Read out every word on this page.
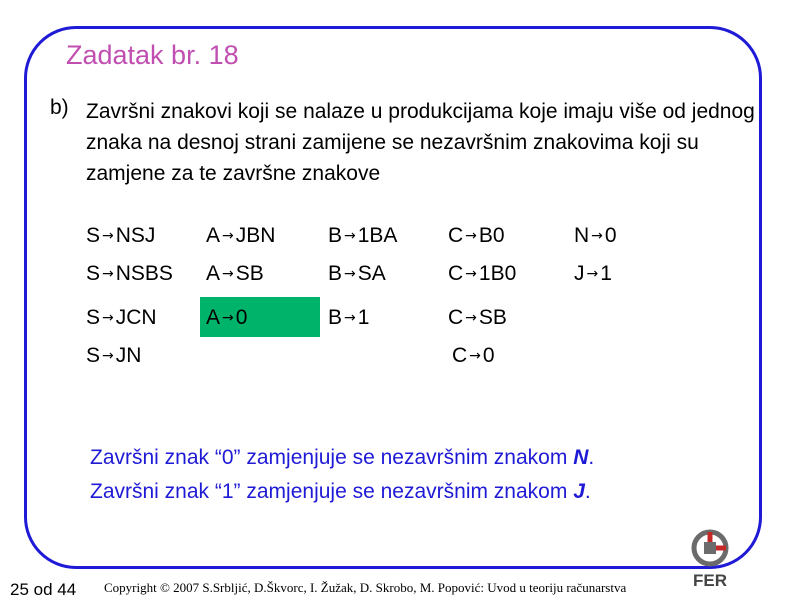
Zadatak br. 18
b) Završni znakovi koji se nalaze u produkcijama koje imaju više od jednog znaka na desnoj strani zamijene se nezavršnim znakovima koji su zamjene za te završne znakove
S →NSJ
S →NSBS
S →JCN
S →JN
A →JBN
A →SB
A →0
B →1BA
B →SA
B →1
C →B0
C →1B0
C →SB
C →0
N →0
J →1
Završni znak “0” zamjenjuje se nezavršnim znakom N.
Završni znak “1” zamjenjuje se nezavršnim znakom J.
25 od 44 Copyright © 2007 S.Srbljić, D.Škvorc, I. Žužak, D. Skrobo, M. Popović: Uvod u teoriju računarstva	FER
